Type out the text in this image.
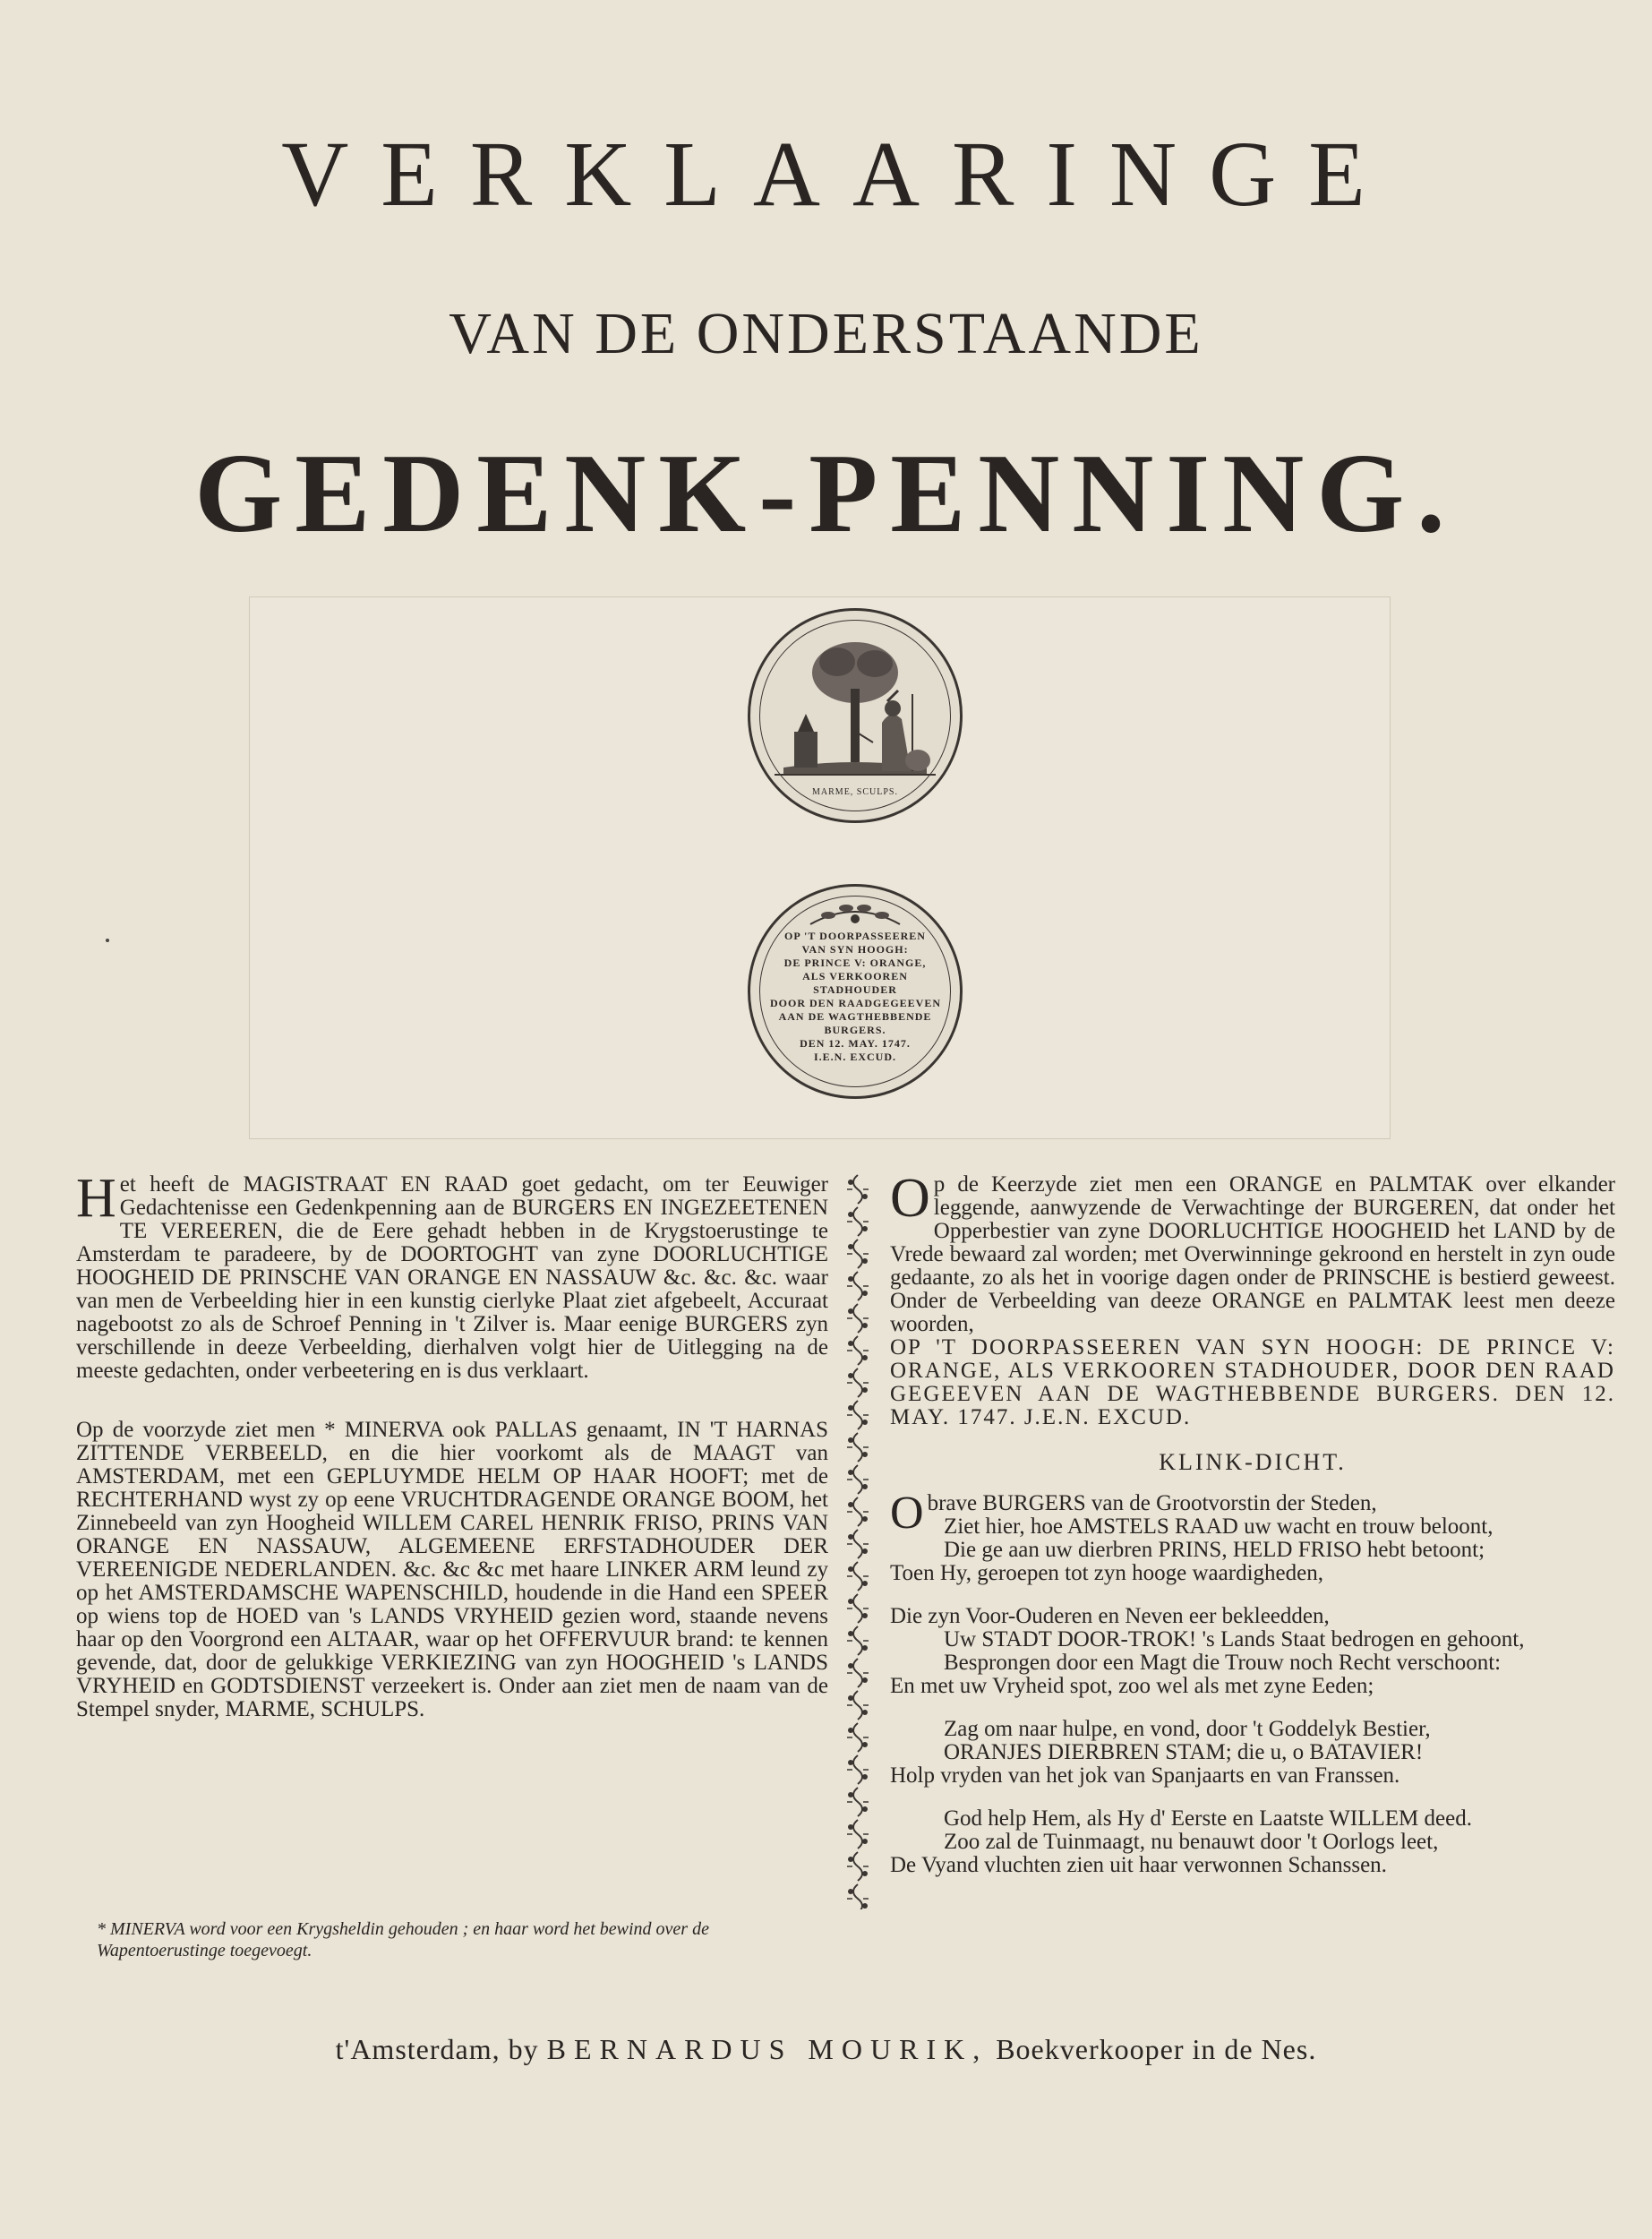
VERKLAARINGE
VAN DE ONDERSTAANDE
GEDENK-PENNING.
MARME, SCULPS.
OP 'T DOORPASSEEREN
VAN SYN HOOGH:
DE PRINCE V: ORANGE,
ALS VERKOOREN
STADHOUDER
DOOR DEN RAADGEGEEVEN
AAN DE WAGTHEBBENDE
BURGERS.
DEN 12. MAY. 1747.
I.E.N. EXCUD.

Het heeft de MAGISTRAAT EN RAAD goet gedacht, om ter Eeuwiger Gedachtenisse een Gedenkpenning aan de BURGERS EN INGEZEETENEN TE VEREEREN, die de Eere gehadt hebben in de Krygstoerustinge te Amsterdam te paradeere, by de DOORTOGHT van zyne DOORLUCHTIGE HOOGHEID DE PRINSCHE VAN ORANGE EN NASSAUW &c. &c. &c. waar van men de Verbeelding hier in een kunstig cierlyke Plaat ziet afgebeelt, Accuraat nagebootst zo als de Schroef Penning in 't Zilver is. Maar eenige BURGERS zyn verschillende in deeze Verbeelding, dierhalven volgt hier de Uitlegging na de meeste gedachten, onder verbeetering en is dus verklaart.

Op de voorzyde ziet men * MINERVA ook PALLAS genaamt, IN 'T HARNAS ZITTENDE VERBEELD, en die hier voorkomt als de MAAGT van AMSTERDAM, met een GEPLUYMDE HELM OP HAAR HOOFT; met de RECHTERHAND wyst zy op eene VRUCHTDRAGENDE ORANGE BOOM, het Zinnebeeld van zyn Hoogheid WILLEM CAREL HENRIK FRISO, PRINS VAN ORANGE EN NASSAUW, ALGEMEENE ERFSTADHOUDER DER VEREENIGDE NEDERLANDEN. &c. &c &c met haare LINKER ARM leund zy op het AMSTERDAMSCHE WAPENSCHILD, houdende in die Hand een SPEER op wiens top de HOED van 's LANDS VRYHEID gezien word, staande nevens haar op den Voorgrond een ALTAAR, waar op het OFFERVUUR brand: te kennen gevende, dat, door de gelukkige VERKIEZING van zyn HOOGHEID 's LANDS VRYHEID en GODTSDIENST verzeekert is. Onder aan ziet men de naam van de Stempel snyder, MARME, SCHULPS.

Op de Keerzyde ziet men een ORANGE en PALMTAK over elkander leggende, aanwyzende de Verwachtinge der BURGEREN, dat onder het Opperbestier van zyne DOORLUCHTIGE HOOGHEID het LAND by de Vrede bewaard zal worden; met Overwinninge gekroond en herstelt in zyn oude gedaante, zo als het in voorige dagen onder de PRINSCHE is bestierd geweest. Onder de Verbeelding van deeze ORANGE en PALMTAK leest men deeze woorden,

OP 'T DOORPASSEEREN VAN SYN HOOGH: DE PRINCE V: ORANGE, ALS VERKOOREN STADHOUDER, DOOR DEN RAAD GEGEEVEN AAN DE WAGTHEBBENDE BURGERS. DEN 12. MAY. 1747. J.E.N. EXCUD.

KLINK-DICHT.
Obrave BURGERS van de Grootvorstin der Steden,
Ziet hier, hoe AMSTELS RAAD uw wacht en trouw beloont,
Die ge aan uw dierbren PRINS, HELD FRISO hebt betoont;
Toen Hy, geroepen tot zyn hooge waardigheden,
Die zyn Voor-Ouderen en Neven eer bekleedden,
Uw STADT DOOR-TROK! 's Lands Staat bedrogen en gehoont,
Besprongen door een Magt die Trouw noch Recht verschoont:
En met uw Vryheid spot, zoo wel als met zyne Eeden;
Zag om naar hulpe, en vond, door 't Goddelyk Bestier,
ORANJES DIERBREN STAM; die u, o BATAVIER!
Holp vryden van het jok van Spanjaarts en van Franssen.
God help Hem, als Hy d' Eerste en Laatste WILLEM deed.
Zoo zal de Tuinmaagt, nu benauwt door 't Oorlogs leet,
De Vyand vluchten zien uit haar verwonnen Schanssen.
* MINERVA word voor een Krygsheldin gehouden ; en haar word het bewind over de Wapentoerustinge toegevoegt.
t'Amsterdam, by BERNARDUS MOURIK, Boekverkooper in de Nes.
